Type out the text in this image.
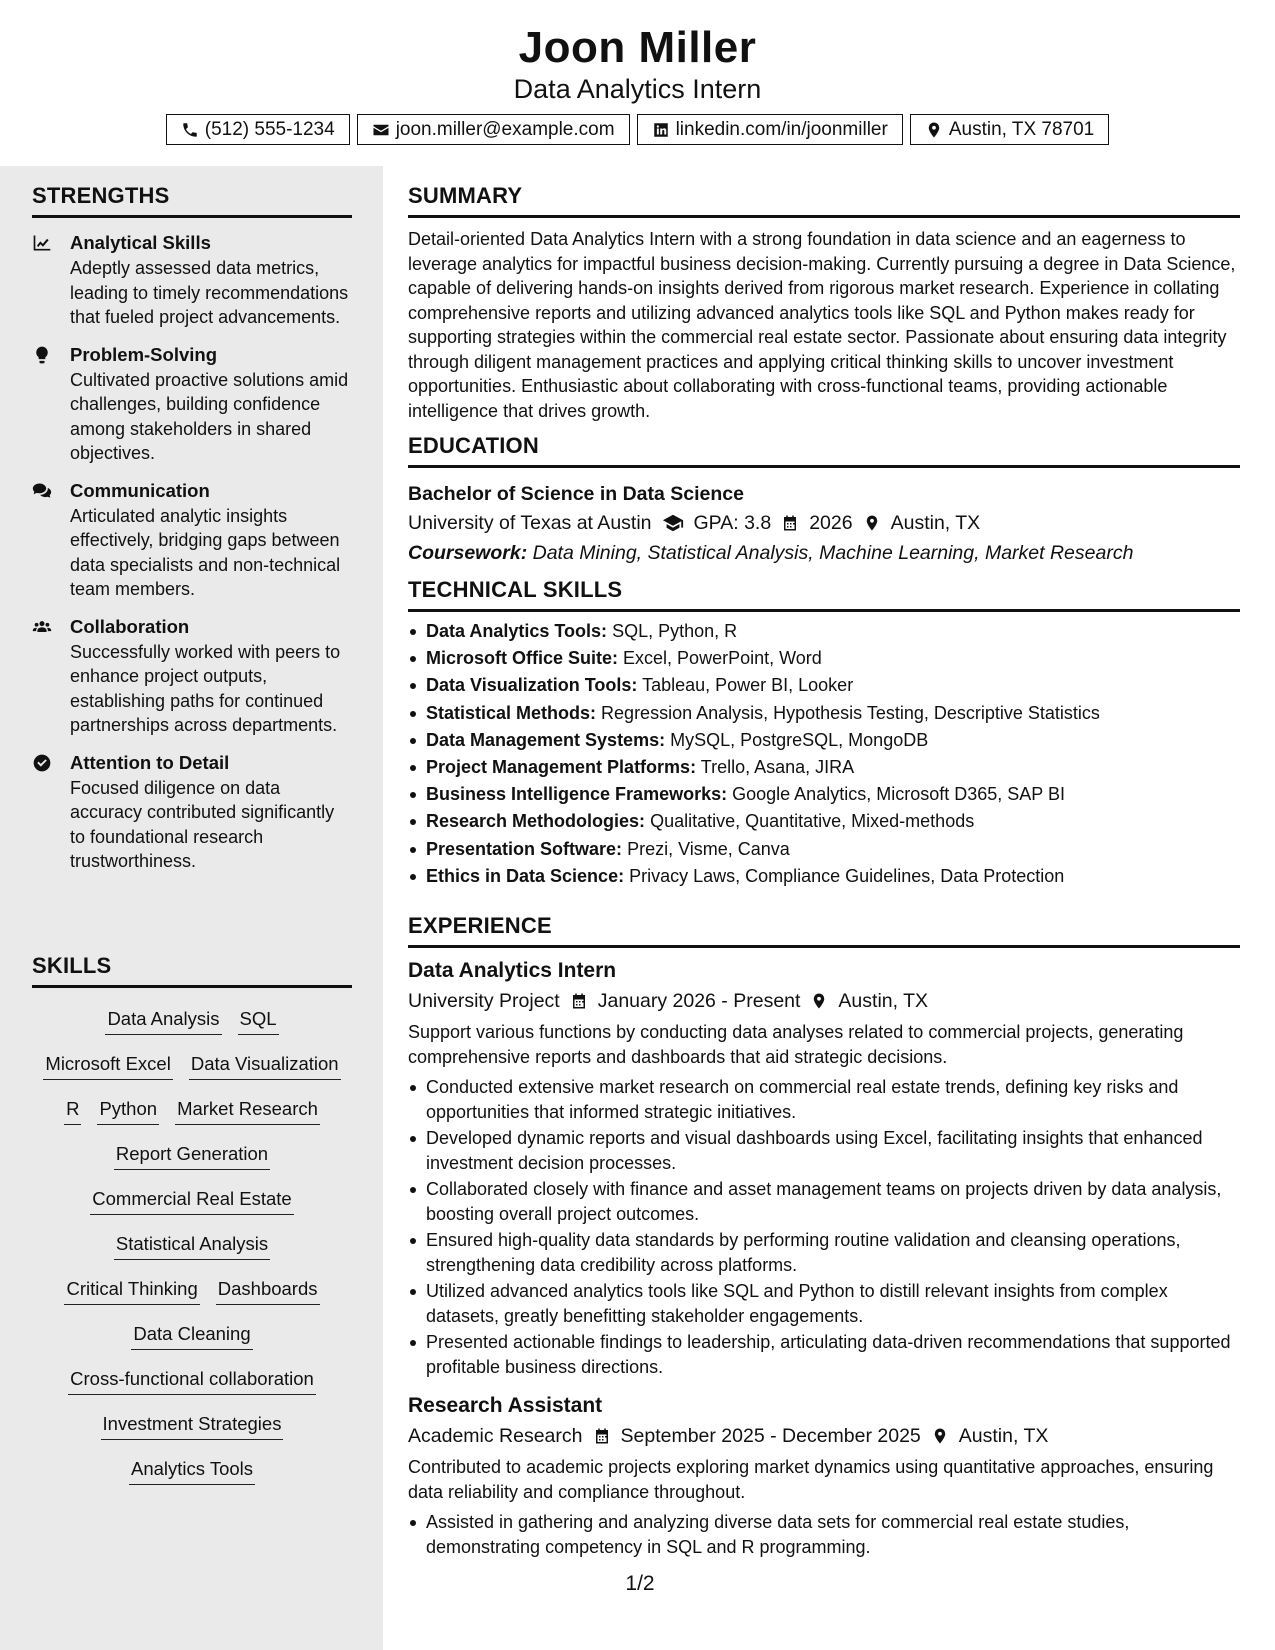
Joon Miller
Data Analytics Intern
(512) 555-1234	joon.miller@example.com	linkedin.com/in/joonmiller	Austin, TX 78701
STRENGTHS
Analytical Skills
Adeptly assessed data metrics, leading to timely recommendations that fueled project advancements.
Problem-Solving
Cultivated proactive solutions amid challenges, building confidence among stakeholders in shared objectives.
Communication
Articulated analytic insights effectively, bridging gaps between data specialists and non-technical team members.
Collaboration
Successfully worked with peers to enhance project outputs, establishing paths for continued partnerships across departments.
Attention to Detail
Focused diligence on data accuracy contributed significantly to foundational research trustworthiness.
SKILLS
Data Analysis SQL
Microsoft Excel Data Visualization
R Python Market Research
Report Generation
Commercial Real Estate
Statistical Analysis
Critical Thinking Dashboards
Data Cleaning
Cross-functional collaboration
Investment Strategies
Analytics Tools
SUMMARY
Detail-oriented Data Analytics Intern with a strong foundation in data science and an eagerness to leverage analytics for impactful business decision-making. Currently pursuing a degree in Data Science, capable of delivering hands-on insights derived from rigorous market research. Experience in collating comprehensive reports and utilizing advanced analytics tools like SQL and Python makes ready for supporting strategies within the commercial real estate sector. Passionate about ensuring data integrity through diligent management practices and applying critical thinking skills to uncover investment opportunities. Enthusiastic about collaborating with cross-functional teams, providing actionable intelligence that drives growth.
EDUCATION
Bachelor of Science in Data Science
University of Texas at Austin GPA: 3.8 2026 Austin, TX
Coursework: Data Mining, Statistical Analysis, Machine Learning, Market Research
TECHNICAL SKILLS
Data Analytics Tools: SQL, Python, R
Microsoft Office Suite: Excel, PowerPoint, Word
Data Visualization Tools: Tableau, Power BI, Looker
Statistical Methods: Regression Analysis, Hypothesis Testing, Descriptive Statistics
Data Management Systems: MySQL, PostgreSQL, MongoDB
Project Management Platforms: Trello, Asana, JIRA
Business Intelligence Frameworks: Google Analytics, Microsoft D365, SAP BI
Research Methodologies: Qualitative, Quantitative, Mixed-methods
Presentation Software: Prezi, Visme, Canva
Ethics in Data Science: Privacy Laws, Compliance Guidelines, Data Protection
EXPERIENCE
Data Analytics Intern
University Project January 2026 - Present Austin, TX
Support various functions by conducting data analyses related to commercial projects, generating comprehensive reports and dashboards that aid strategic decisions.
Conducted extensive market research on commercial real estate trends, defining key risks and opportunities that informed strategic initiatives.
Developed dynamic reports and visual dashboards using Excel, facilitating insights that enhanced investment decision processes.
Collaborated closely with finance and asset management teams on projects driven by data analysis, boosting overall project outcomes.
Ensured high-quality data standards by performing routine validation and cleansing operations, strengthening data credibility across platforms.
Utilized advanced analytics tools like SQL and Python to distill relevant insights from complex datasets, greatly benefitting stakeholder engagements.
Presented actionable findings to leadership, articulating data-driven recommendations that supported profitable business directions.
Research Assistant
Academic Research September 2025 - December 2025 Austin, TX
Contributed to academic projects exploring market dynamics using quantitative approaches, ensuring data reliability and compliance throughout.
Assisted in gathering and analyzing diverse data sets for commercial real estate studies, demonstrating competency in SQL and R programming.
1/2
